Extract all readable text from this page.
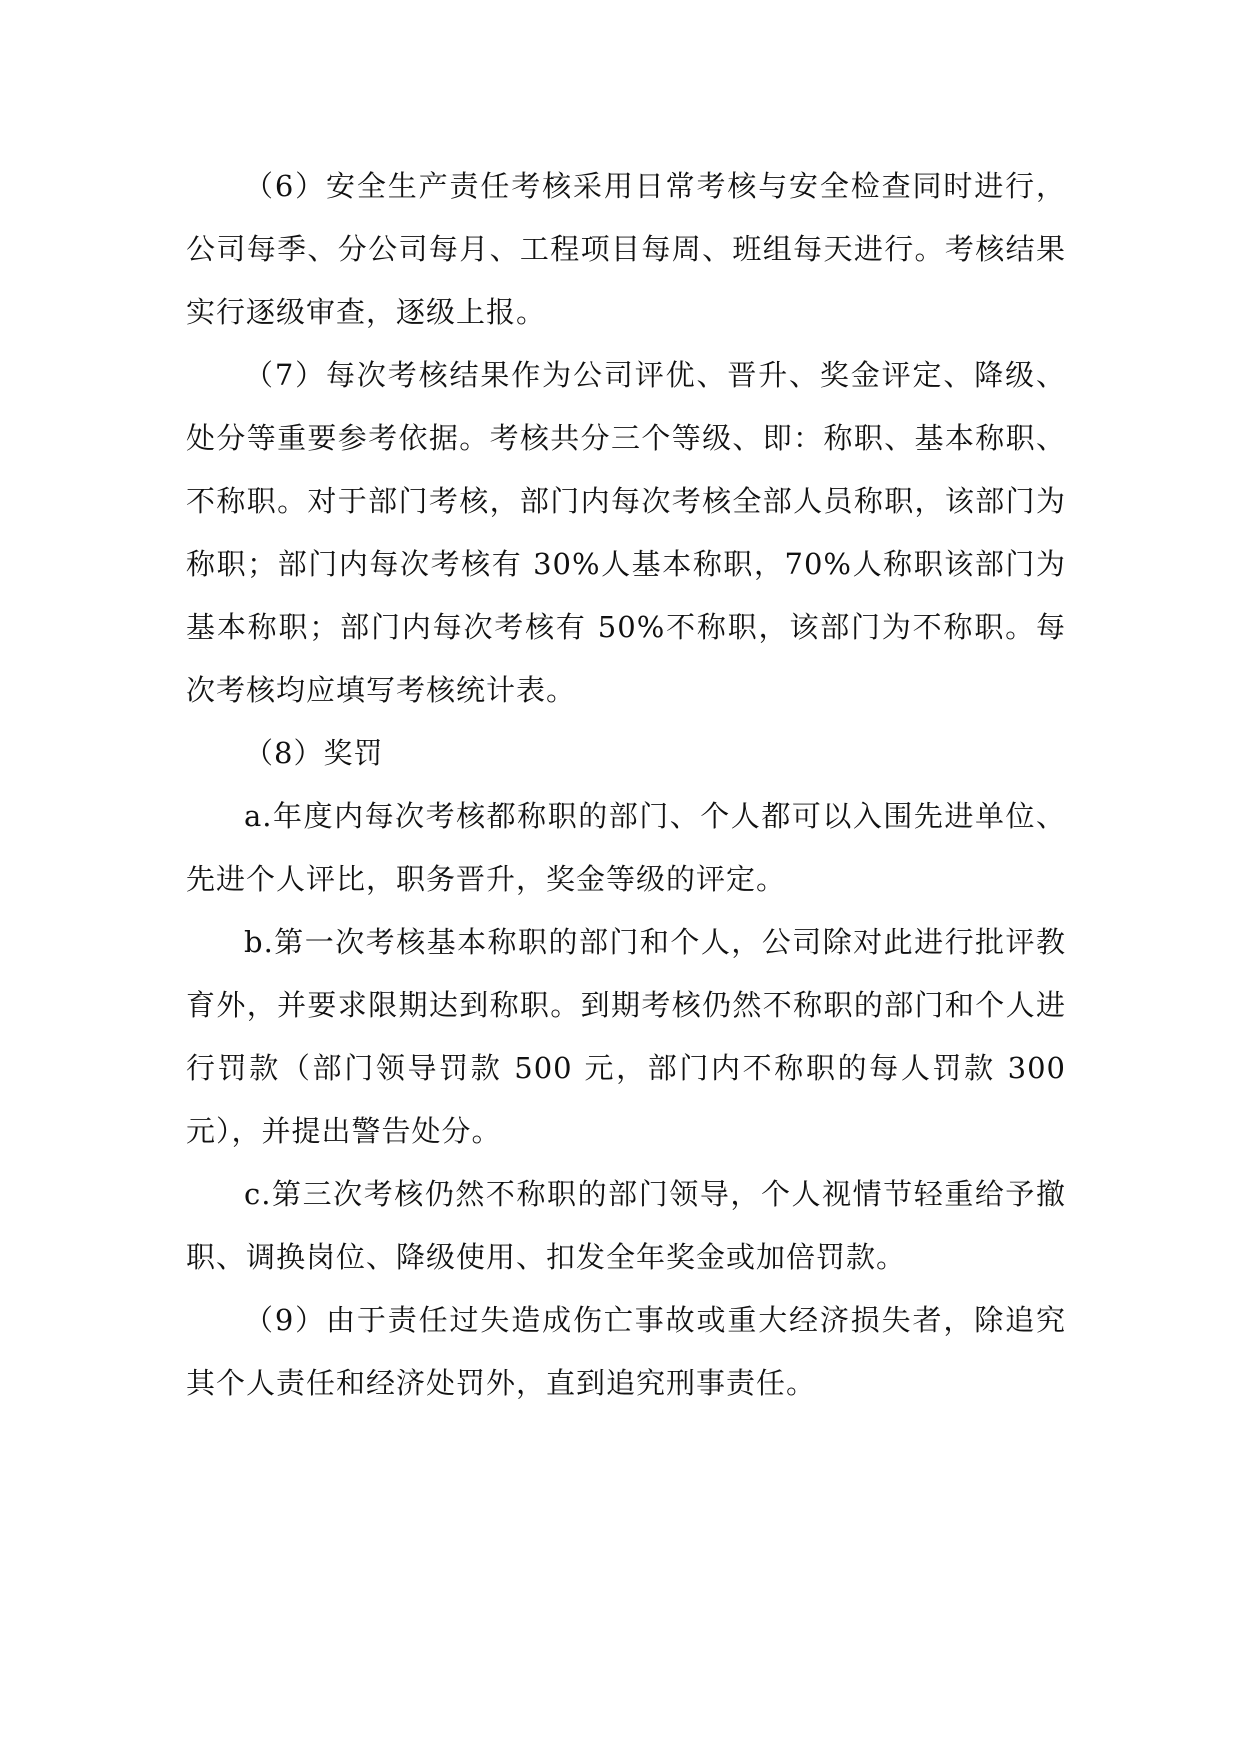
（6）安全生产责任考核采用日常考核与安全检查同时进行，公司每季、分公司每月、工程项目每周、班组每天进行。考核结果实行逐级审查，逐级上报。

（7）每次考核结果作为公司评优、晋升、奖金评定、降级、处分等重要参考依据。考核共分三个等级、即：称职、基本称职、不称职。对于部门考核，部门内每次考核全部人员称职，该部门为称职；部门内每次考核有 30%人基本称职，70%人称职该部门为基本称职；部门内每次考核有 50%不称职，该部门为不称职。每次考核均应填写考核统计表。

（8）奖罚

a.年度内每次考核都称职的部门、个人都可以入围先进单位、先进个人评比，职务晋升，奖金等级的评定。

b.第一次考核基本称职的部门和个人，公司除对此进行批评教育外，并要求限期达到称职。到期考核仍然不称职的部门和个人进行罚款（部门领导罚款 500 元，部门内不称职的每人罚款 300 元），并提出警告处分。

c.第三次考核仍然不称职的部门领导，个人视情节轻重给予撤职、调换岗位、降级使用、扣发全年奖金或加倍罚款。

（9）由于责任过失造成伤亡事故或重大经济损失者，除追究其个人责任和经济处罚外，直到追究刑事责任。
